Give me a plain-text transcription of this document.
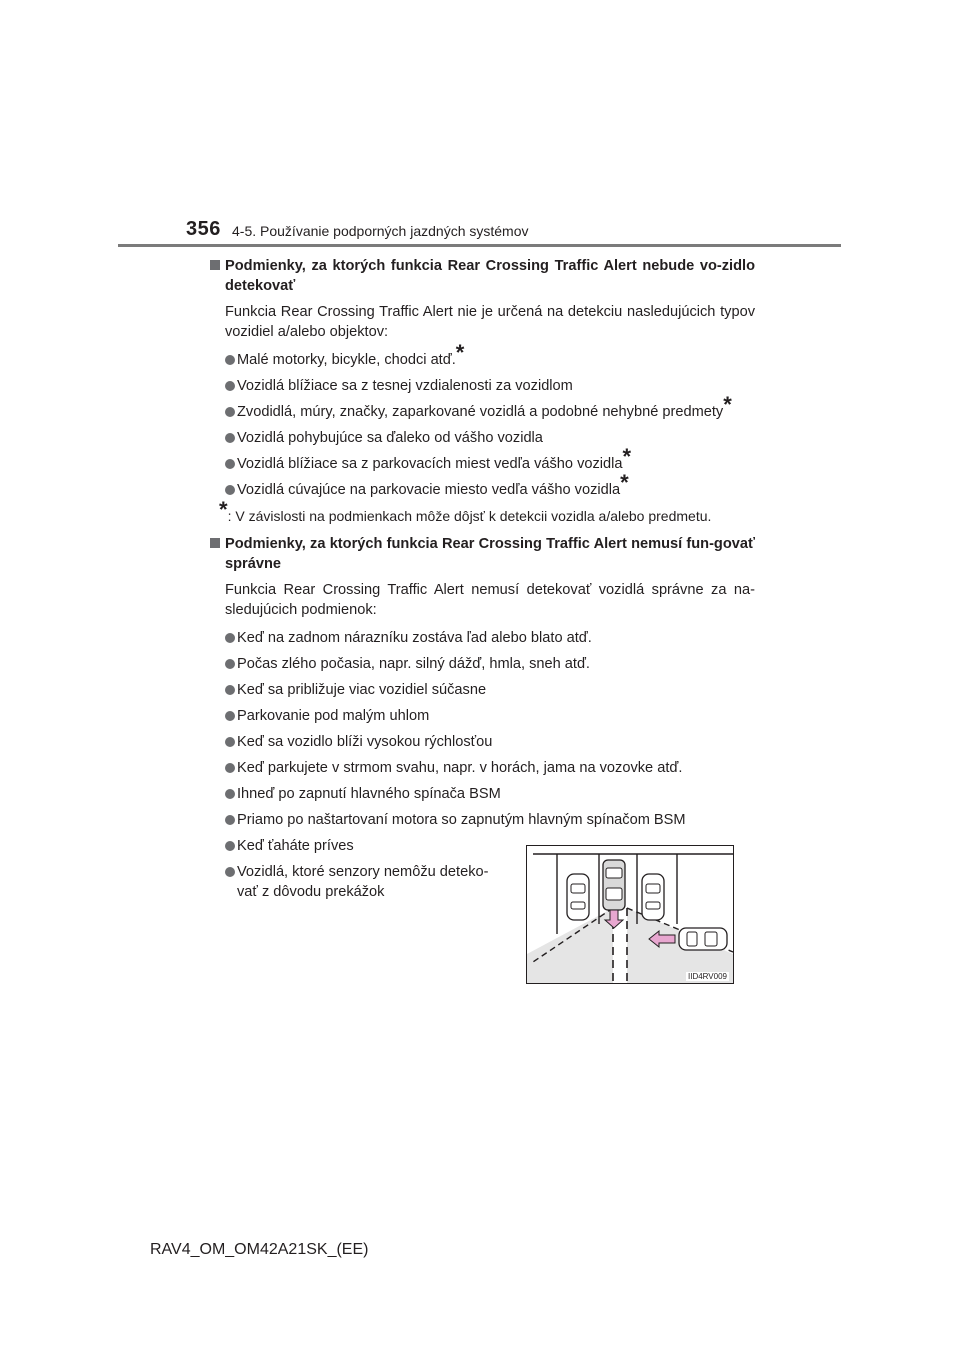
356 4-5. Používanie podporných jazdných systémov
Podmienky, za ktorých funkcia Rear Crossing Traffic Alert nebude vo-zidlo detekovať
Funkcia Rear Crossing Traffic Alert nie je určená na detekciu nasledujúcich typov vozidiel a/alebo objektov:
Malé motorky, bicykle, chodci atď.*
Vozidlá blížiace sa z tesnej vzdialenosti za vozidlom
Zvodidlá, múry, značky, zaparkované vozidlá a podobné nehybné predmety*
Vozidlá pohybujúce sa ďaleko od vášho vozidla
Vozidlá blížiace sa z parkovacích miest vedľa vášho vozidla*
Vozidlá cúvajúce na parkovacie miesto vedľa vášho vozidla*
*: V závislosti na podmienkach môže dôjsť k detekcii vozidla a/alebo predmetu.
Podmienky, za ktorých funkcia Rear Crossing Traffic Alert nemusí fun-govať správne
Funkcia Rear Crossing Traffic Alert nemusí detekovať vozidlá správne za na-sledujúcich podmienok:
Keď na zadnom nárazníku zostáva ľad alebo blato atď.
Počas zlého počasia, napr. silný dážď, hmla, sneh atď.
Keď sa približuje viac vozidiel súčasne
Parkovanie pod malým uhlom
Keď sa vozidlo blíži vysokou rýchlosťou
Keď parkujete v strmom svahu, napr. v horách, jama na vozovke atď.
Ihneď po zapnutí hlavného spínača BSM
Priamo po naštartovaní motora so zapnutým hlavným spínačom BSM
Keď ťaháte príves
Vozidlá, ktoré senzory nemôžu deteko-
vať z dôvodu prekážok
IID4RV009
RAV4_OM_OM42A21SK_(EE)
